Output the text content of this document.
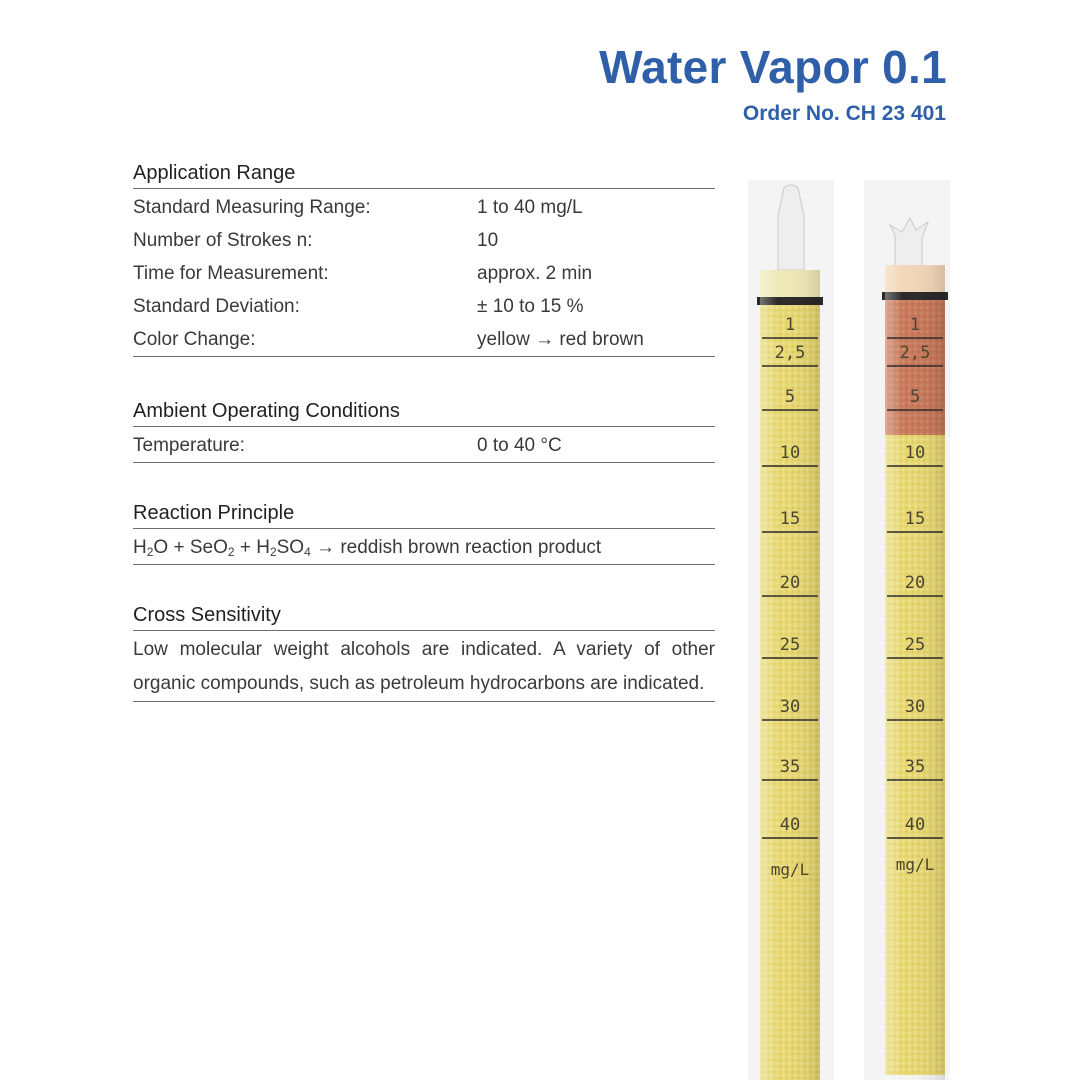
Water Vapor 0.1
Order No. CH 23 401
Application Range
Standard Measuring Range:	1 to 40 mg/L
Number of Strokes n:	10
Time for Measurement:	approx. 2 min
Standard Deviation:	± 10 to 15 %
Color Change:	yellow → red brown
Ambient Operating Conditions
Temperature:	0 to 40 °C
Reaction Principle
$H_2O + SeO_2 + H_2SO_4$ → reddish brown reaction product
Cross Sensitivity
Low molecular weight alcohols are indicated. A variety of other organic compounds, such as petroleum hydrocarbons are indicated.
1
2,5
5
10
15
20
25
30
35
40
mg/L
1
2,5
5
10
15
20
25
30
35
40
mg/L
